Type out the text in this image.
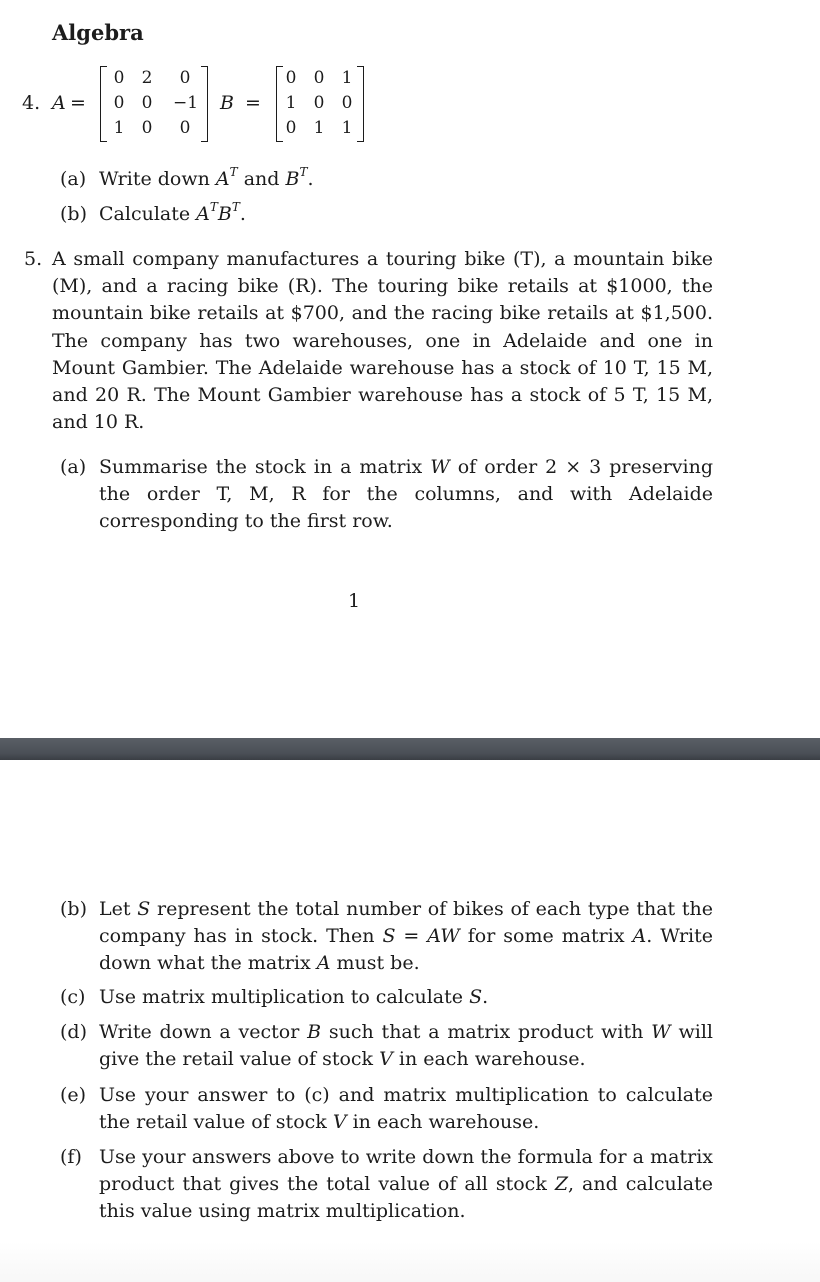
Algebra
4. A =
0	2	0
0	0	−1
1	0	0
B =
0	0	1
1	0	0
0	1	1
(a) Write down $A^T$ and $B^T$.
(b) Calculate $A^TB^T$.
5. A small company manufactures a touring bike (T), a mountain bike (M), and a racing bike (R). The touring bike retails at $1000, the mountain bike retails at $700, and the racing bike retails at $1,500. The company has two warehouses, one in Adelaide and one in Mount Gambier. The Adelaide warehouse has a stock of 10 T, 15 M, and 20 R. The Mount Gambier warehouse has a stock of 5 T, 15 M, and 10 R.
(a) Summarise the stock in a matrix W of order 2 × 3 preserving the order T, M, R for the columns, and with Adelaide corresponding to the first row.
1
(b) Let S represent the total number of bikes of each type that the company has in stock. Then S = AW for some matrix A. Write down what the matrix A must be.
(c) Use matrix multiplication to calculate S.
(d) Write down a vector B such that a matrix product with W will give the retail value of stock V in each warehouse.
(e) Use your answer to (c) and matrix multiplication to calculate the retail value of stock V in each warehouse.
(f) Use your answers above to write down the formula for a matrix product that gives the total value of all stock Z, and calculate this value using matrix multiplication.
